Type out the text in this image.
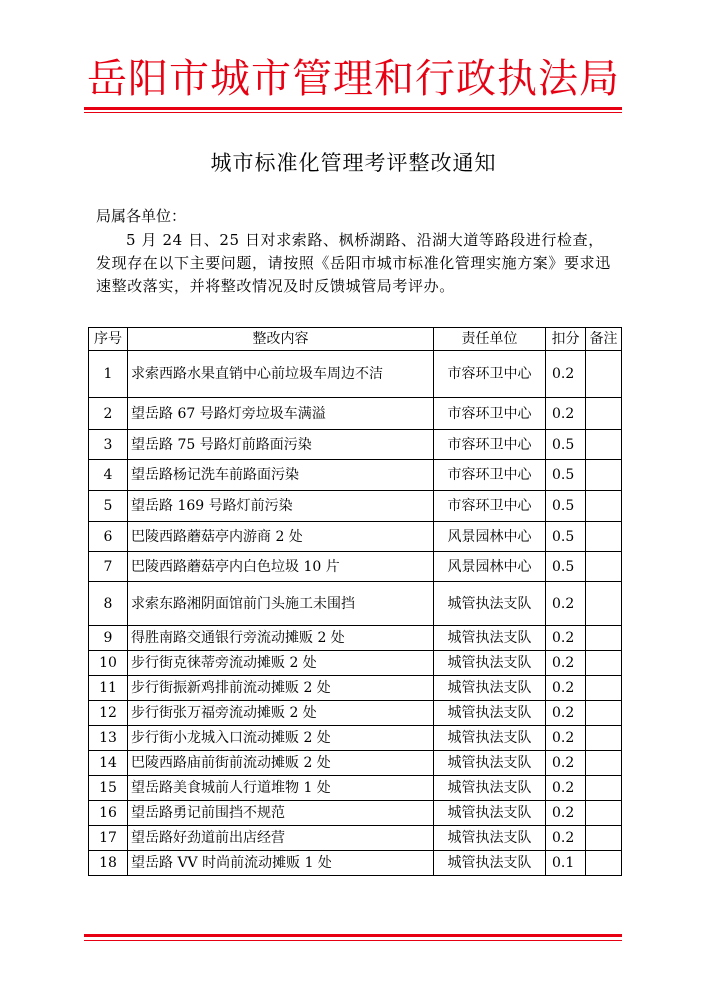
岳阳市城市管理和行政执法局
城市标准化管理考评整改通知
局属各单位：
5 月 24 日、25 日对求索路、枫桥湖路、沿湖大道等路段进行检查，发现存在以下主要问题，请按照《岳阳市城市标准化管理实施方案》要求迅速整改落实，并将整改情况及时反馈城管局考评办。
序号	整改内容	责任单位	扣分	备注
1	求索西路水果直销中心前垃圾车周边不洁	市容环卫中心	0.2	
2	望岳路 67 号路灯旁垃圾车满溢	市容环卫中心	0.2	
3	望岳路 75 号路灯前路面污染	市容环卫中心	0.5	
4	望岳路杨记洗车前路面污染	市容环卫中心	0.5	
5	望岳路 169 号路灯前污染	市容环卫中心	0.5	
6	巴陵西路蘑菇亭内游商 2 处	风景园林中心	0.5	
7	巴陵西路蘑菇亭内白色垃圾 10 片	风景园林中心	0.5	
8	求索东路湘阴面馆前门头施工未围挡	城管执法支队	0.2	
9	得胜南路交通银行旁流动摊贩 2 处	城管执法支队	0.2	
10	步行街克徕蒂旁流动摊贩 2 处	城管执法支队	0.2	
11	步行街振新鸡排前流动摊贩 2 处	城管执法支队	0.2	
12	步行街张万福旁流动摊贩 2 处	城管执法支队	0.2	
13	步行街小龙城入口流动摊贩 2 处	城管执法支队	0.2	
14	巴陵西路庙前街前流动摊贩 2 处	城管执法支队	0.2	
15	望岳路美食城前人行道堆物 1 处	城管执法支队	0.2	
16	望岳路勇记前围挡不规范	城管执法支队	0.2	
17	望岳路好劲道前出店经营	城管执法支队	0.2	
18	望岳路 VV 时尚前流动摊贩 1 处	城管执法支队	0.1	
